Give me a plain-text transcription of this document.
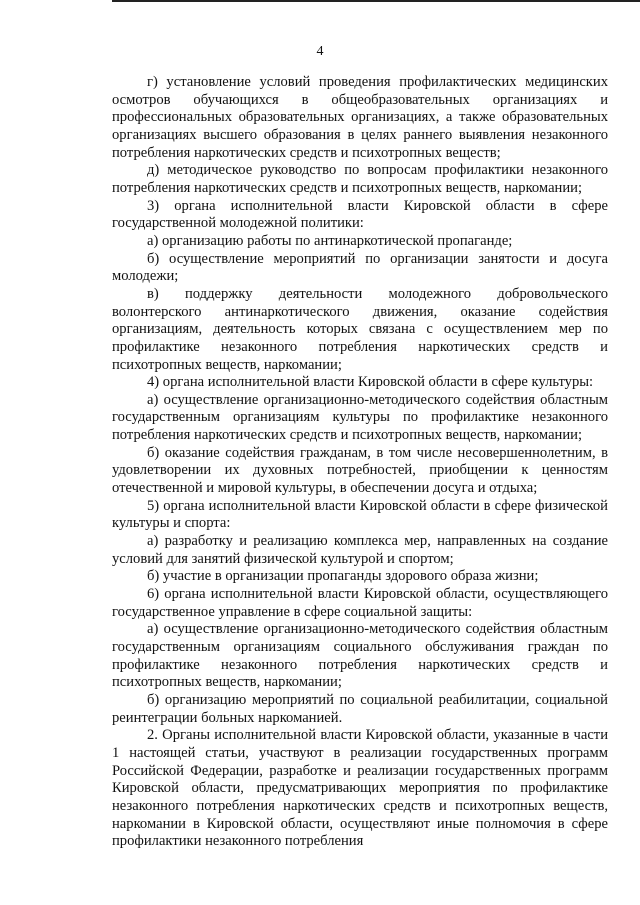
4

г) установление условий проведения профилактических медицинских осмотров обучающихся в общеобразовательных организациях и профессиональных образовательных организациях, а также образовательных организациях высшего образования в целях раннего выявления незаконного потребления наркотических средств и психотропных веществ;

д) методическое руководство по вопросам профилактики незаконного потребления наркотических средств и психотропных веществ, наркомании;

3) органа исполнительной власти Кировской области в сфере государственной молодежной политики:

а) организацию работы по антинаркотической пропаганде;

б) осуществление мероприятий по организации занятости и досуга молодежи;

в) поддержку деятельности молодежного добровольческого волонтерского антинаркотического движения, оказание содействия организациям, деятельность которых связана с осуществлением мер по профилактике незаконного потребления наркотических средств и психотропных веществ, наркомании;

4) органа исполнительной власти Кировской области в сфере культуры:

а) осуществление организационно-методического содействия областным государственным организациям культуры по профилактике незаконного потребления наркотических средств и психотропных веществ, наркомании;

б) оказание содействия гражданам, в том числе несовершеннолетним, в удовлетворении их духовных потребностей, приобщении к ценностям отечественной и мировой культуры, в обеспечении досуга и отдыха;

5) органа исполнительной власти Кировской области в сфере физической культуры и спорта:

а) разработку и реализацию комплекса мер, направленных на создание условий для занятий физической культурой и спортом;

б) участие в организации пропаганды здорового образа жизни;

6) органа исполнительной власти Кировской области, осуществляющего государственное управление в сфере социальной защиты:

а) осуществление организационно-методического содействия областным государственным организациям социального обслуживания граждан по профилактике незаконного потребления наркотических средств и психотропных веществ, наркомании;

б) организацию мероприятий по социальной реабилитации, социальной реинтеграции больных наркоманией.

2. Органы исполнительной власти Кировской области, указанные в части 1 настоящей статьи, участвуют в реализации государственных программ Российской Федерации, разработке и реализации государственных программ Кировской области, предусматривающих мероприятия по профилактике незаконного потребления наркотических средств и психотропных веществ, наркомании в Кировской области, осуществляют иные полномочия в сфере профилактики незаконного потребления
